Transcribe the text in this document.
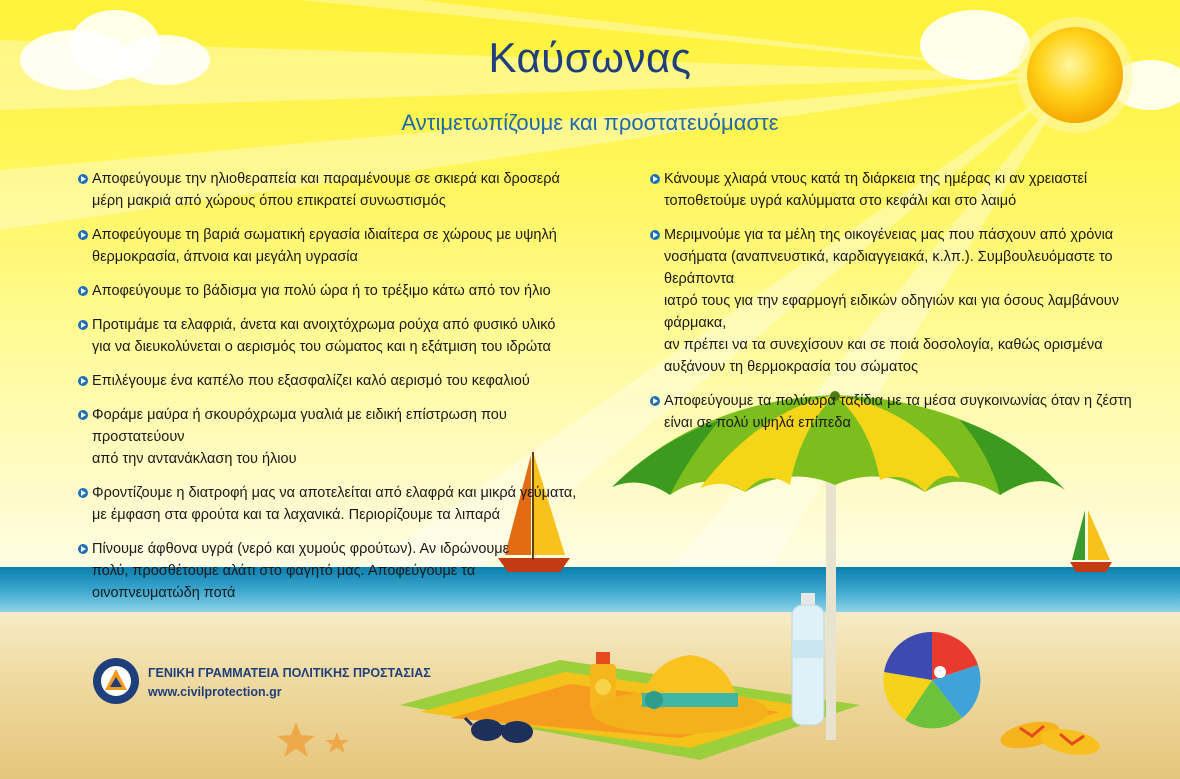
Καύσωνας
Αντιμετωπίζουμε και προστατευόμαστε
Αποφεύγουμε την ηλιοθεραπεία και παραμένουμε σε σκιερά και δροσερά
μέρη μακριά από χώρους όπου επικρατεί συνωστισμός
Αποφεύγουμε τη βαριά σωματική εργασία ιδιαίτερα σε χώρους με υψηλή
θερμοκρασία, άπνοια και μεγάλη υγρασία
Αποφεύγουμε το βάδισμα για πολύ ώρα ή το τρέξιμο κάτω από τον ήλιο
Προτιμάμε τα ελαφριά, άνετα και ανοιχτόχρωμα ρούχα από φυσικό υλικό
για να διευκολύνεται ο αερισμός του σώματος και η εξάτμιση του ιδρώτα
Επιλέγουμε ένα καπέλο που εξασφαλίζει καλό αερισμό του κεφαλιού
Φοράμε μαύρα ή σκουρόχρωμα γυαλιά με ειδική επίστρωση που προστατεύουν
από την αντανάκλαση του ήλιου
Φροντίζουμε η διατροφή μας να αποτελείται από ελαφρά και μικρά γεύματα,
με έμφαση στα φρούτα και τα λαχανικά. Περιορίζουμε τα λιπαρά
Πίνουμε άφθονα υγρά (νερό και χυμούς φρούτων). Αν ιδρώνουμε
πολύ, προσθέτουμε αλάτι στο φαγητό μας. Αποφεύγουμε τα
οινοπνευματώδη ποτά
Κάνουμε χλιαρά ντους κατά τη διάρκεια της ημέρας κι αν χρειαστεί
τοποθετούμε υγρά καλύμματα στο κεφάλι και στο λαιμό
Μεριμνούμε για τα μέλη της οικογένειας μας που πάσχουν από χρόνια
νοσήματα (αναπνευστικά, καρδιαγγειακά, κ.λπ.). Συμβουλευόμαστε το θεράποντα
ιατρό τους για την εφαρμογή ειδικών οδηγιών και για όσους λαμβάνουν φάρμακα,
αν πρέπει να τα συνεχίσουν και σε ποιά δοσολογία, καθώς ορισμένα
αυξάνουν τη θερμοκρασία του σώματος
Αποφεύγουμε τα πολύωρα ταξίδια με τα μέσα συγκοινωνίας όταν η ζέστη
είναι σε πολύ υψηλά επίπεδα
ΓΕΝΙΚΗ ΓΡΑΜΜΑΤΕΙΑ ΠΟΛΙΤΙΚΗΣ ΠΡΟΣΤΑΣΙΑΣ
www.civilprotection.gr
